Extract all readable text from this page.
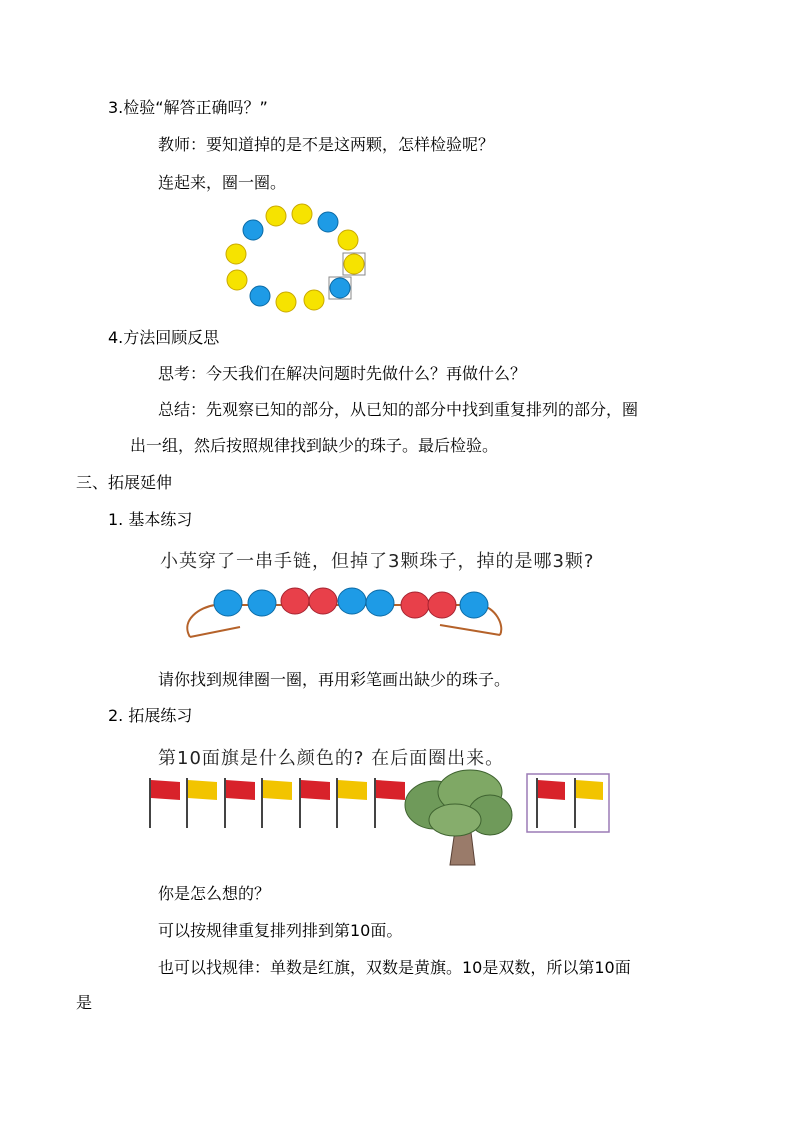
3.检验“解答正确吗？”
教师：要知道掉的是不是这两颗，怎样检验呢？
连起来，圈一圈。
4.方法回顾反思
思考：今天我们在解决问题时先做什么？再做什么？
总结：先观察已知的部分，从已知的部分中找到重复排列的部分，圈
出一组，然后按照规律找到缺少的珠子。最后检验。
三、拓展延伸
1. 基本练习
小英穿了一串手链，但掉了3颗珠子，掉的是哪3颗?
请你找到规律圈一圈，再用彩笔画出缺少的珠子。
2. 拓展练习
第10面旗是什么颜色的? 在后面圈出来。
你是怎么想的？
可以按规律重复排列排到第10面。
也可以找规律：单数是红旗，双数是黄旗。10是双数，所以第10面
是
